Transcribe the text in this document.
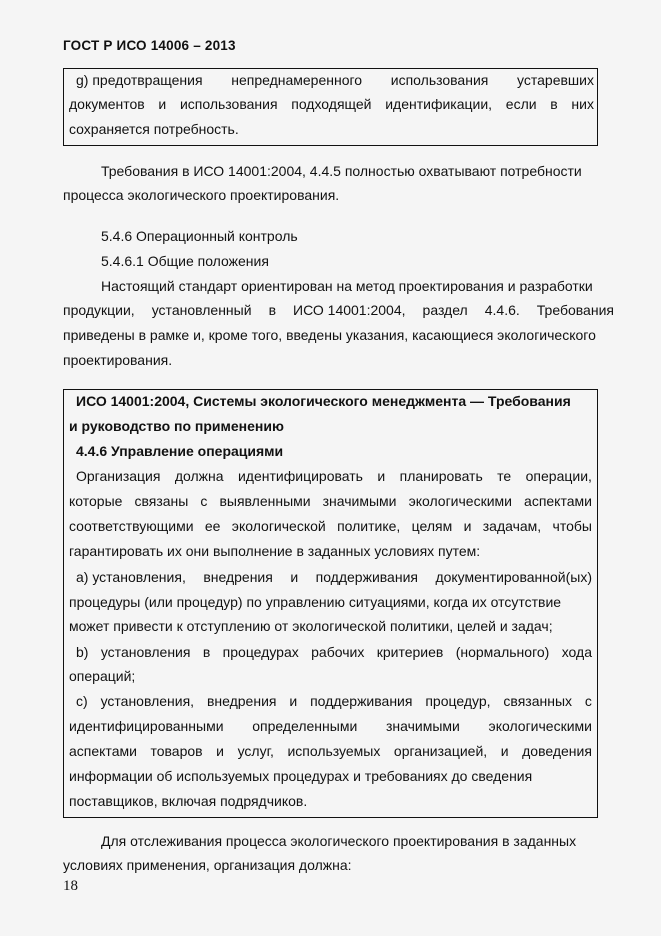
ГОСТ Р ИСО 14006 – 2013
g) предотвращения непреднамеренного использования устаревших
документов и использования подходящей идентификации, если в них
сохраняется потребность.
Требования в ИСО 14001:2004, 4.4.5 полностью охватывают потребности
процесса экологического проектирования.
5.4.6 Операционный контроль
5.4.6.1 Общие положения
Настоящий стандарт ориентирован на метод проектирования и разработки
продукции, установленный в ИСО 14001:2004, раздел 4.4.6. Требования
приведены в рамке и, кроме того, введены указания, касающиеся экологического
проектирования.
ИСО 14001:2004, Системы экологического менеджмента — Требования
и руководство по применению
4.4.6 Управление операциями
Организация должна идентифицировать и планировать те операции,
которые связаны с выявленными значимыми экологическими аспектами
соответствующими ее экологической политике, целям и задачам, чтобы
гарантировать их они выполнение в заданных условиях путем:
a) установления, внедрения и поддерживания документированной(ых)
процедуры (или процедур) по управлению ситуациями, когда их отсутствие
может привести к отступлению от экологической политики, целей и задач;
b) установления в процедурах рабочих критериев (нормального) хода
операций;
c) установления, внедрения и поддерживания процедур, связанных с
идентифицированными определенными значимыми экологическими
аспектами товаров и услуг, используемых организацией, и доведения
информации об используемых процедурах и требованиях до сведения
поставщиков, включая подрядчиков.
Для отслеживания процесса экологического проектирования в заданных
условиях применения, организация должна:
18
